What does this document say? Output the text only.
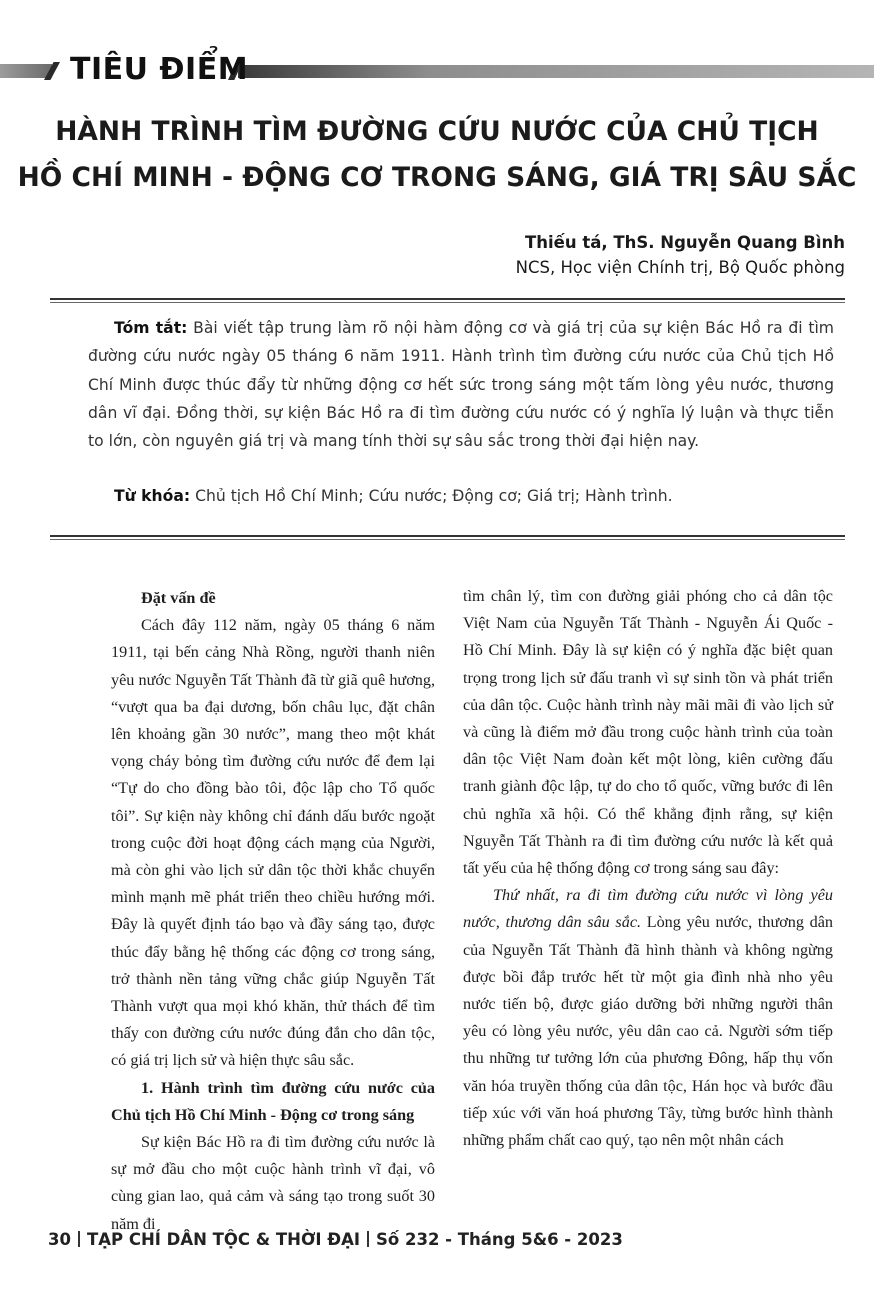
TIÊU ĐIỂM
HÀNH TRÌNH TÌM ĐƯỜNG CỨU NƯỚC CỦA CHỦ TỊCH
HỒ CHÍ MINH - ĐỘNG CƠ TRONG SÁNG, GIÁ TRỊ SÂU SẮC
Thiếu tá, ThS. Nguyễn Quang Bình
NCS, Học viện Chính trị, Bộ Quốc phòng
Tóm tắt: Bài viết tập trung làm rõ nội hàm động cơ và giá trị của sự kiện Bác Hồ ra đi tìm đường cứu nước ngày 05 tháng 6 năm 1911. Hành trình tìm đường cứu nước của Chủ tịch Hồ Chí Minh được thúc đẩy từ những động cơ hết sức trong sáng một tấm lòng yêu nước, thương dân vĩ đại. Đồng thời, sự kiện Bác Hồ ra đi tìm đường cứu nước có ý nghĩa lý luận và thực tiễn to lớn, còn nguyên giá trị và mang tính thời sự sâu sắc trong thời đại hiện nay.
Từ khóa: Chủ tịch Hồ Chí Minh; Cứu nước; Động cơ; Giá trị; Hành trình.

Đặt vấn đề

Cách đây 112 năm, ngày 05 tháng 6 năm 1911, tại bến cảng Nhà Rồng, người thanh niên yêu nước Nguyễn Tất Thành đã từ giã quê hương, “vượt qua ba đại dương, bốn châu lục, đặt chân lên khoảng gần 30 nước”, mang theo một khát vọng cháy bỏng tìm đường cứu nước để đem lại “Tự do cho đồng bào tôi, độc lập cho Tổ quốc tôi”. Sự kiện này không chỉ đánh dấu bước ngoặt trong cuộc đời hoạt động cách mạng của Người, mà còn ghi vào lịch sử dân tộc thời khắc chuyển mình mạnh mẽ phát triển theo chiều hướng mới. Đây là quyết định táo bạo và đầy sáng tạo, được thúc đẩy bằng hệ thống các động cơ trong sáng, trở thành nền tảng vững chắc giúp Nguyễn Tất Thành vượt qua mọi khó khăn, thử thách để tìm thấy con đường cứu nước đúng đắn cho dân tộc, có giá trị lịch sử và hiện thực sâu sắc.

1. Hành trình tìm đường cứu nước của Chủ tịch Hồ Chí Minh - Động cơ trong sáng

Sự kiện Bác Hồ ra đi tìm đường cứu nước là sự mở đầu cho một cuộc hành trình vĩ đại, vô cùng gian lao, quả cảm và sáng tạo trong suốt 30 năm đi

tìm chân lý, tìm con đường giải phóng cho cả dân tộc Việt Nam của Nguyễn Tất Thành - Nguyễn Ái Quốc - Hồ Chí Minh. Đây là sự kiện có ý nghĩa đặc biệt quan trọng trong lịch sử đấu tranh vì sự sinh tồn và phát triển của dân tộc. Cuộc hành trình này mãi mãi đi vào lịch sử và cũng là điểm mở đầu trong cuộc hành trình của toàn dân tộc Việt Nam đoàn kết một lòng, kiên cường đấu tranh giành độc lập, tự do cho tổ quốc, vững bước đi lên chủ nghĩa xã hội. Có thể khẳng định rằng, sự kiện Nguyễn Tất Thành ra đi tìm đường cứu nước là kết quả tất yếu của hệ thống động cơ trong sáng sau đây:

Thứ nhất, ra đi tìm đường cứu nước vì lòng yêu nước, thương dân sâu sắc. Lòng yêu nước, thương dân của Nguyễn Tất Thành đã hình thành và không ngừng được bồi đắp trước hết từ một gia đình nhà nho yêu nước tiến bộ, được giáo dưỡng bởi những người thân yêu có lòng yêu nước, yêu dân cao cả. Người sớm tiếp thu những tư tưởng lớn của phương Đông, hấp thụ vốn văn hóa truyền thống của dân tộc, Hán học và bước đầu tiếp xúc với văn hoá phương Tây, từng bước hình thành những phẩm chất cao quý, tạo nên một nhân cách

30 TẠP CHÍ DÂN TỘC & THỜI ĐẠI Số 232 - Tháng 5&6 - 2023
